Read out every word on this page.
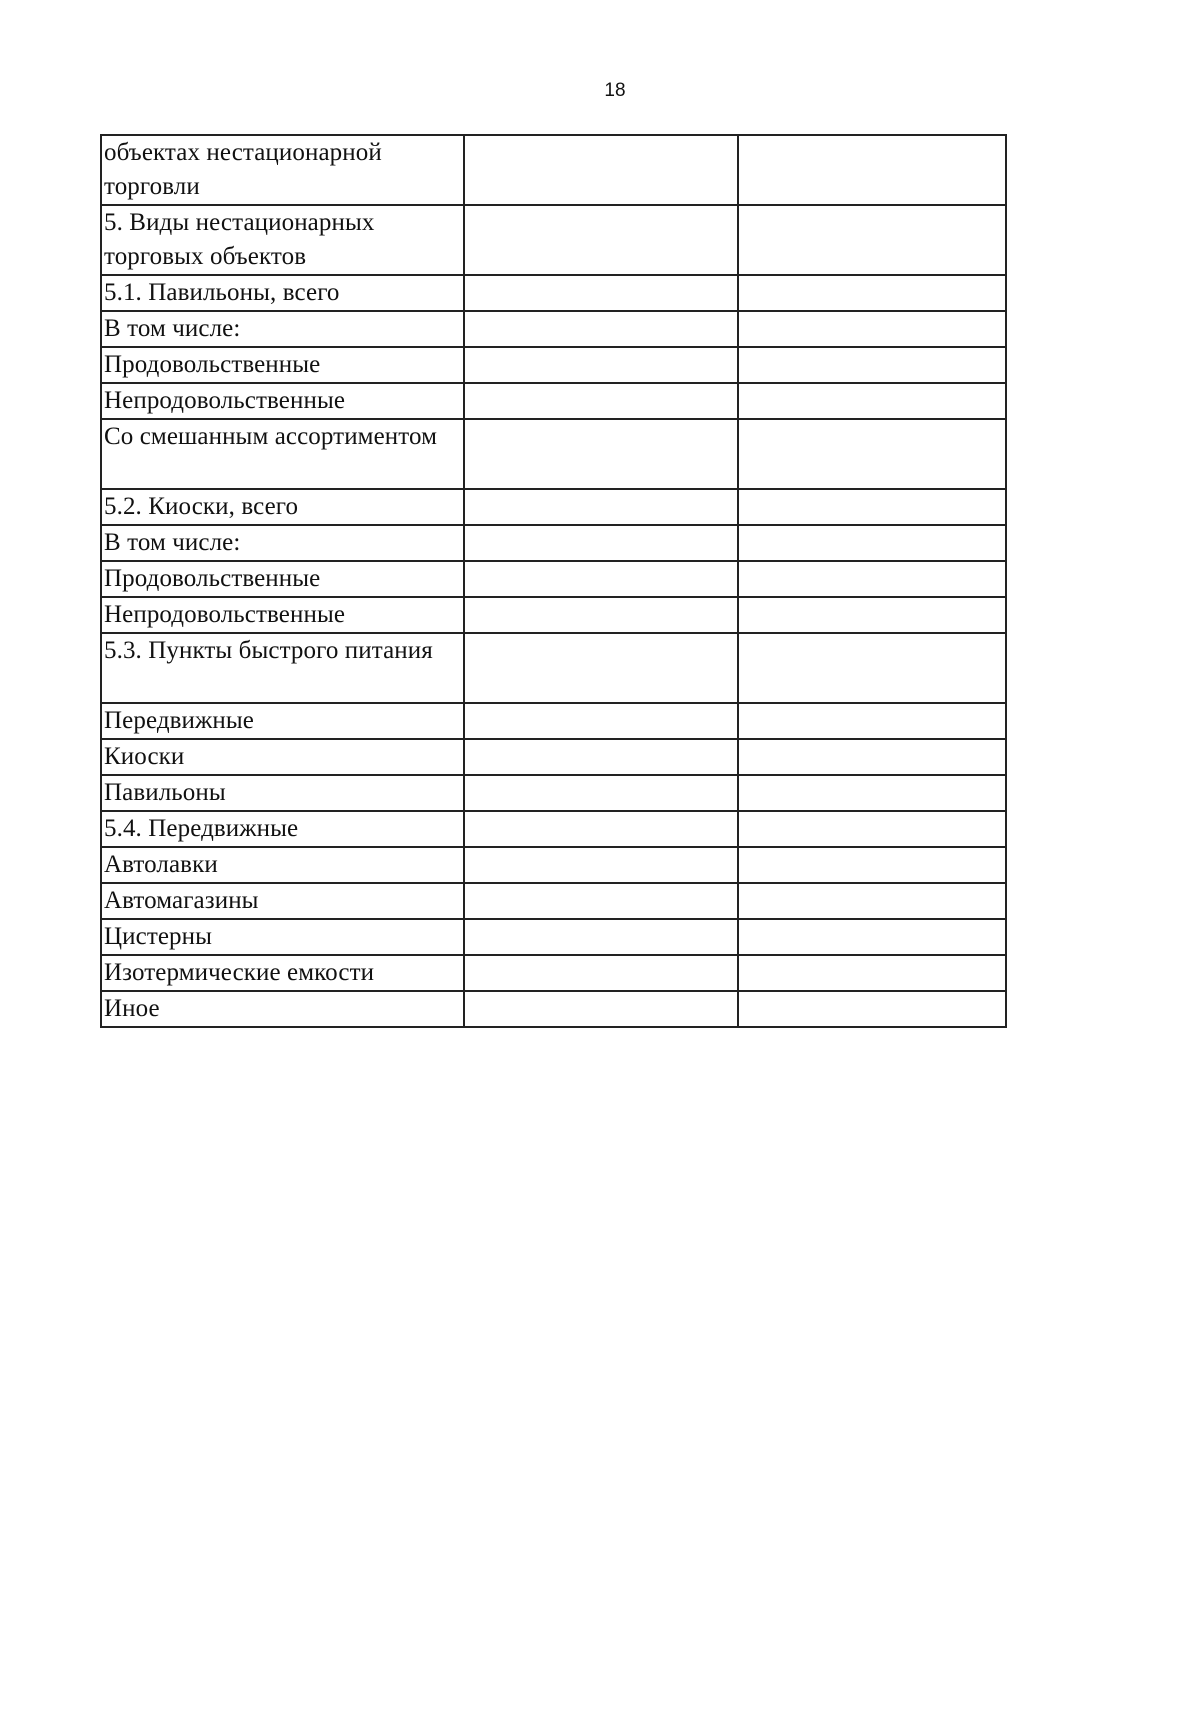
18
объектах нестационарной торговли		
5. Виды нестационарных торговых объектов		
5.1. Павильоны, всего		
В том числе:		
Продовольственные		
Непродовольственные		
Со смешанным ассортиментом		
5.2. Киоски, всего		
В том числе:		
Продовольственные		
Непродовольственные		
5.3. Пункты быстрого питания		
Передвижные		
Киоски		
Павильоны		
5.4. Передвижные		
Автолавки		
Автомагазины		
Цистерны		
Изотермические емкости		
Иное		
